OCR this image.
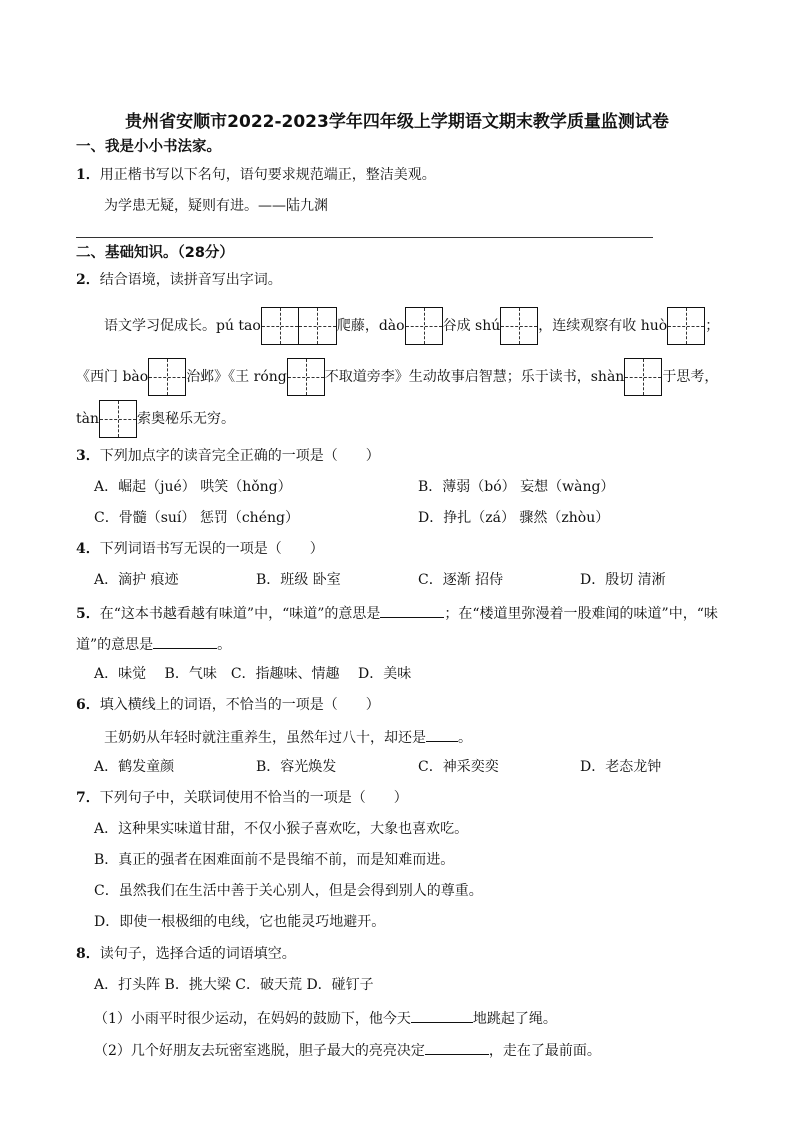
贵州省安顺市2022-2023学年四年级上学期语文期末教学质量监测试卷
一、我是小小书法家。
1．用正楷书写以下名句，语句要求规范端正，整洁美观。
为学患无疑，疑则有进。——陆九渊
二、基础知识。（28分）
2．结合语境，读拼音写出字词。
语文学习促成长。pú tao	爬藤，dào	谷成 shú	，连续观察有收 huò	；
《西门 bào	治邺》《王 róng	不取道旁李》生动故事启智慧；乐于读书，shàn	于思考，
tàn	索奥秘乐无穷。
3．下列加点字的读音完全正确的一项是（　　）
A．崛起（jué） 哄笑（hǒng）	B．薄弱（bó） 妄想（wàng）
C．骨髓（suí） 惩罚（chéng）	D．挣扎（zá） 骤然（zhòu）
4．下列词语书写无误的一项是（　　）
A．滴护 痕迹	B．班级 卧室	C．逐渐 招侍	D．殷切 清淅
5．在“这本书越看越有味道”中，“味道”的意思是	；在“楼道里弥漫着一股难闻的味道”中，“味
道”的意思是	。
A．味觉　 B．气味　C．指趣味、情趣　 D．美味
6．填入横线上的词语，不恰当的一项是（　　）
王奶奶从年轻时就注重养生，虽然年过八十，却还是 。
A．鹤发童颜	B．容光焕发	C．神采奕奕	D．老态龙钟
7．下列句子中，关联词使用不恰当的一项是（　　）
A．这种果实味道甘甜，不仅小猴子喜欢吃，大象也喜欢吃。
B．真正的强者在困难面前不是畏缩不前，而是知难而进。
C．虽然我们在生活中善于关心别人，但是会得到别人的尊重。
D．即使一根极细的电线，它也能灵巧地避开。
8．读句子，选择合适的词语填空。
A．打头阵 B．挑大梁 C．破天荒 D．碰钉子
（1）小雨平时很少运动，在妈妈的鼓励下，他今天	地跳起了绳。
（2）几个好朋友去玩密室逃脱，胆子最大的亮亮决定	，走在了最前面。
